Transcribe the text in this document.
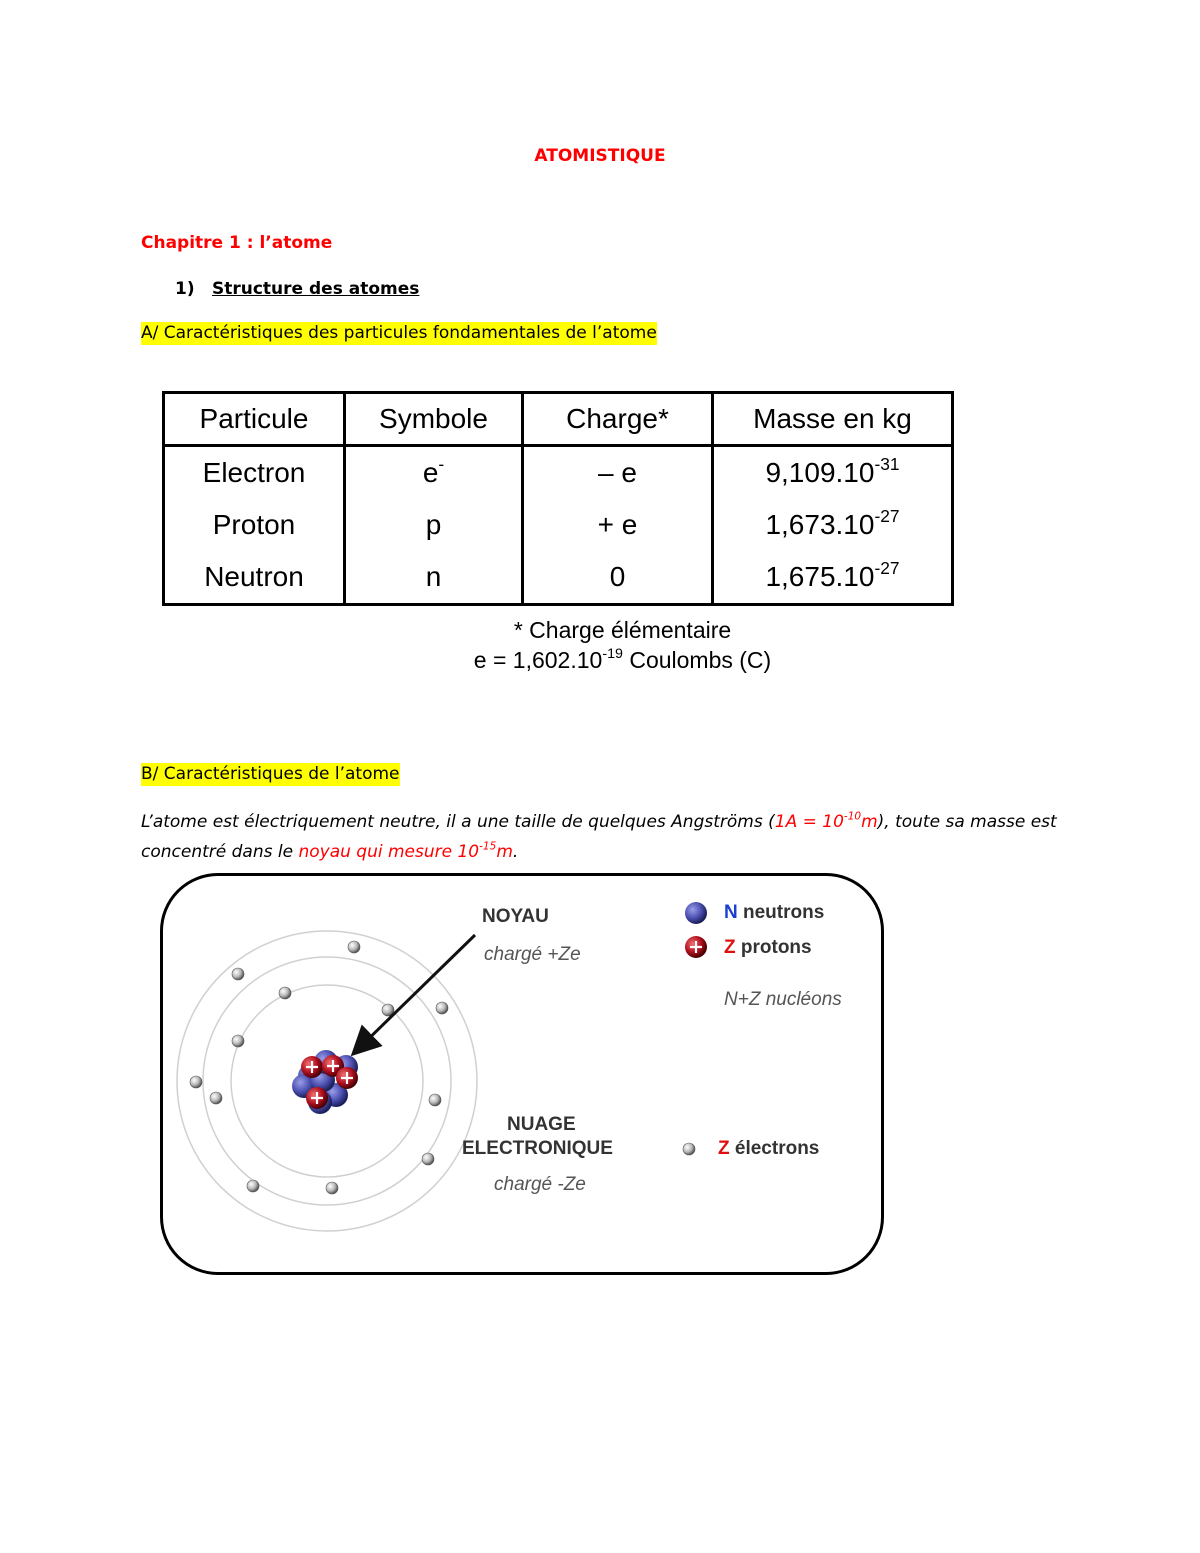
ATOMISTIQUE
Chapitre 1 : l’atome
1) Structure des atomes
A/ Caractéristiques des particules fondamentales de l’atome
Particule	Symbole	Charge*	Masse en kg
Electron	e-	– e	$9,109.10^{-31}$
Proton	p	+ e	$1,673.10^{-27}$
Neutron	n	0	$1,675.10^{-27}$
* Charge élémentaire
$e = 1,602.10^{-19}$ Coulombs (C)
B/ Caractéristiques de l’atome
L’atome est électriquement neutre, il a une taille de quelques Angströms $(1A = 10^{-10}m)$, toute sa masse est concentré dans le noyau qui mesure $10^{-15}m$.
NOYAU
chargé +Ze
NUAGE
ELECTRONIQUE
chargé -Ze
N neutrons
Z protons
N+Z nucléons
Z électrons
